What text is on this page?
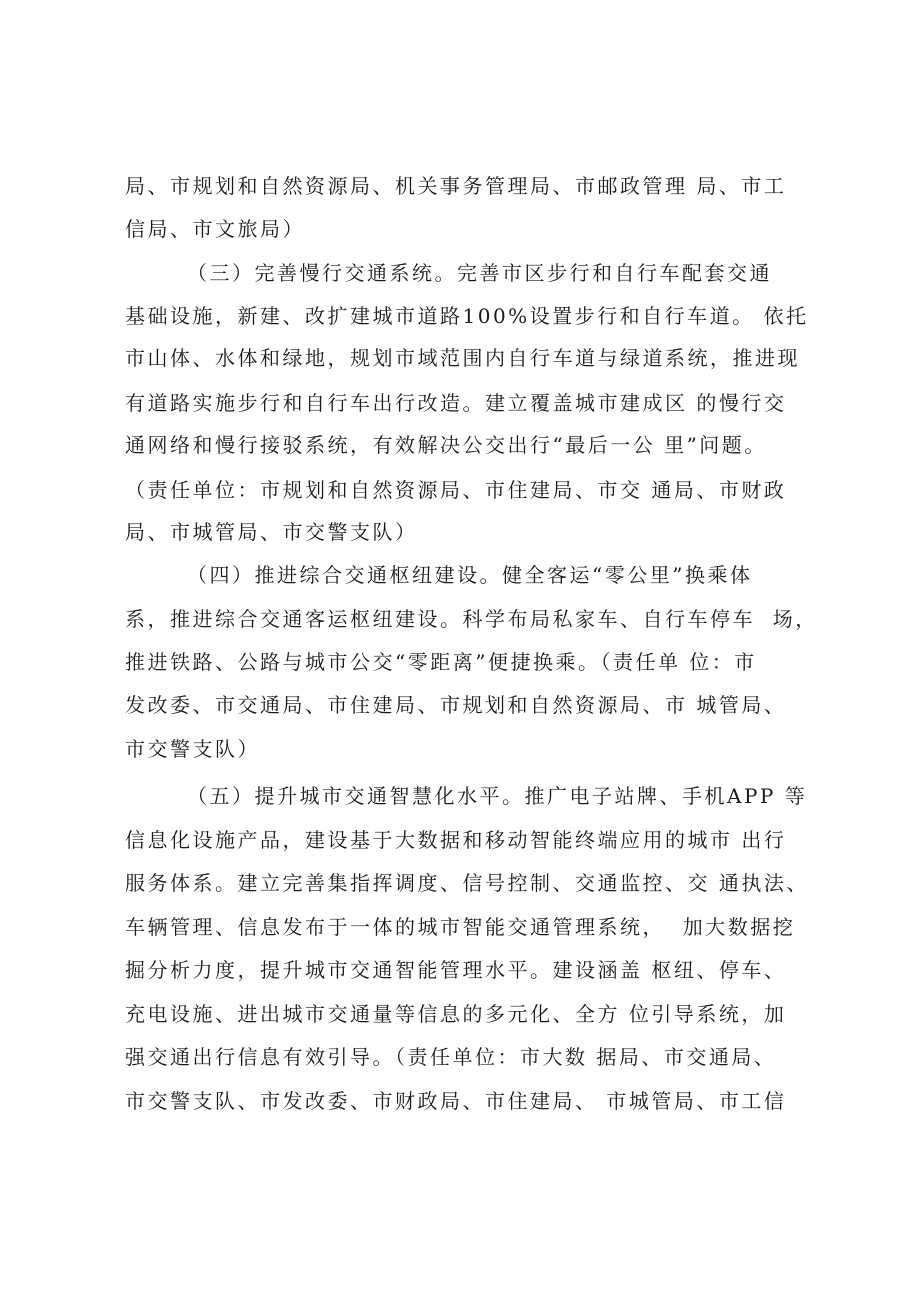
局、市规划和自然资源局、机关事务管理局、市邮政管理 局、市工

信局、市文旅局）

（三）完善慢行交通系统。完善市区步行和自行车配套交通

基础设施，新建、改扩建城市道路100%设置步行和自行车道。 依托

市山体、水体和绿地，规划市域范围内自行车道与绿道系统，推进现

有道路实施步行和自行车出行改造。建立覆盖城市建成区 的慢行交

通网络和慢行接驳系统，有效解决公交出行“最后一公 里”问题。

（责任单位：市规划和自然资源局、市住建局、市交 通局、市财政

局、市城管局、市交警支队）

（四）推进综合交通枢纽建设。健全客运“零公里”换乘体

系，推进综合交通客运枢纽建设。科学布局私家车、自行车停车  场，

推进铁路、公路与城市公交“零距离”便捷换乘。（责任单 位：市

发改委、市交通局、市住建局、市规划和自然资源局、市 城管局、

市交警支队）

（五）提升城市交通智慧化水平。推广电子站牌、手机APP 等

信息化设施产品，建设基于大数据和移动智能终端应用的城市 出行

服务体系。建立完善集指挥调度、信号控制、交通监控、交 通执法、

车辆管理、信息发布于一体的城市智能交通管理系统，  加大数据挖

掘分析力度，提升城市交通智能管理水平。建设涵盖 枢纽、停车、

充电设施、进出城市交通量等信息的多元化、全方 位引导系统，加

强交通出行信息有效引导。（责任单位：市大数 据局、市交通局、

市交警支队、市发改委、市财政局、市住建局、 市城管局、市工信
